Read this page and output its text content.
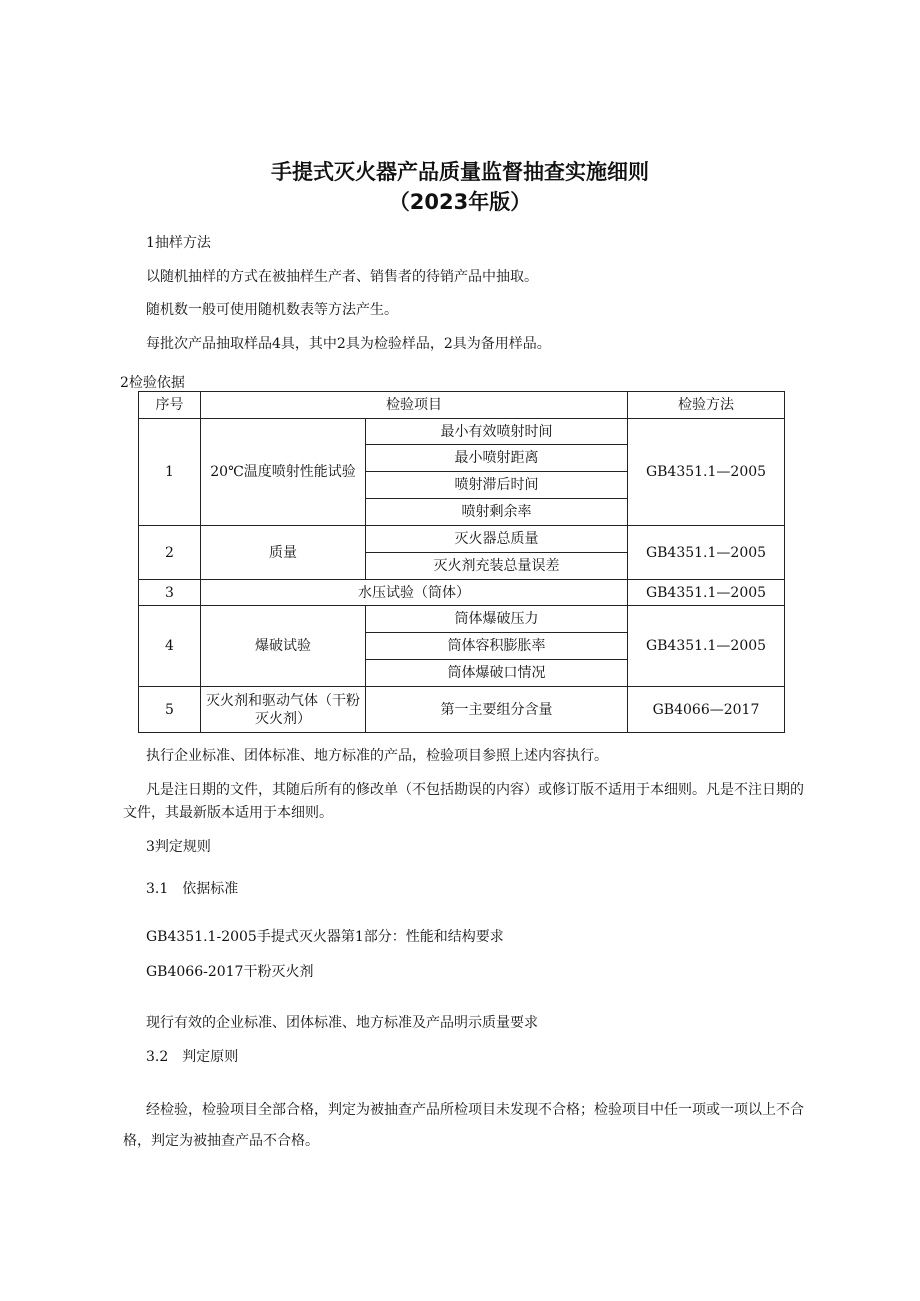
手提式灭火器产品质量监督抽查实施细则
（2023年版）
1抽样方法
以随机抽样的方式在被抽样生产者、销售者的待销产品中抽取。
随机数一般可使用随机数表等方法产生。
每批次产品抽取样品4具，其中2具为检验样品，2具为备用样品。
2检验依据
序号	检验项目		检验方法
1	20℃温度喷射性能试验	最小有效喷射时间	GB4351.1—2005
		最小喷射距离	
		喷射滞后时间	
		喷射剩余率	
2	质量	灭火器总质量	GB4351.1—2005
		灭火剂充装总量误差	
3	水压试验（筒体）		GB4351.1—2005
4	爆破试验	筒体爆破压力	GB4351.1—2005
		筒体容积膨胀率	
		筒体爆破口情况	
5	灭火剂和驱动气体（干粉灭火剂）	第一主要组分含量	GB4066—2017
执行企业标准、团体标准、地方标准的产品，检验项目参照上述内容执行。
凡是注日期的文件，其随后所有的修改单（不包括勘误的内容）或修订版不适用于本细则。凡是不注日期的文件，其最新版本适用于本细则。
3判定规则
3.1　依据标准
GB4351.1-2005手提式灭火器第1部分：性能和结构要求
GB4066-2017干粉灭火剂
现行有效的企业标准、团体标准、地方标准及产品明示质量要求
3.2　判定原则
经检验，检验项目全部合格，判定为被抽查产品所检项目未发现不合格；检验项目中任一项或一项以上不合格，判定为被抽查产品不合格。
